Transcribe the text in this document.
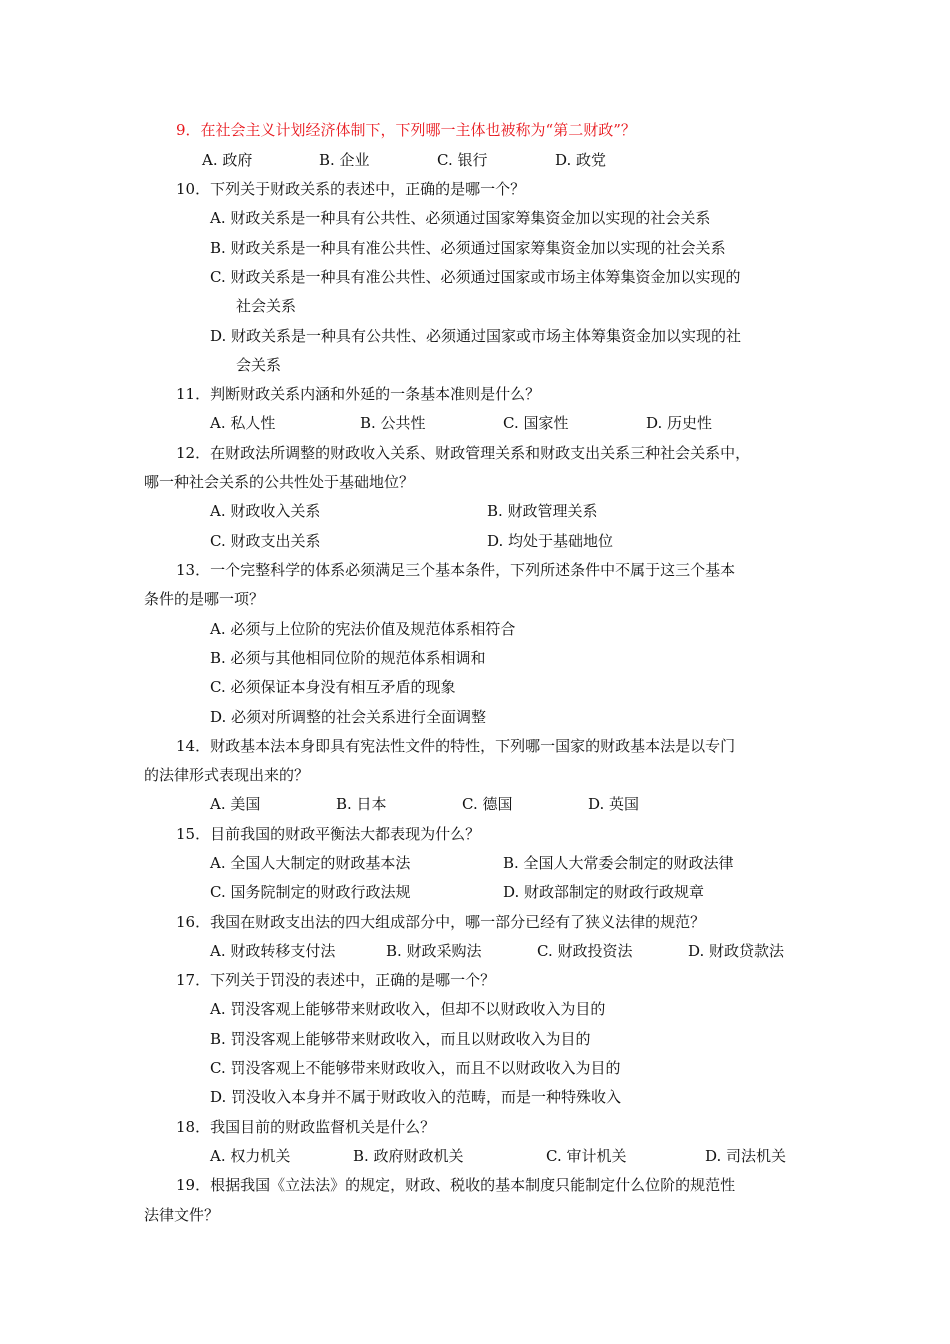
9．在社会主义计划经济体制下，下列哪一主体也被称为“第二财政”？
A. 政府	B. 企业	C. 银行	D. 政党
10．下列关于财政关系的表述中，正确的是哪一个？
A. 财政关系是一种具有公共性、必须通过国家筹集资金加以实现的社会关系
B. 财政关系是一种具有准公共性、必须通过国家筹集资金加以实现的社会关系
C. 财政关系是一种具有准公共性、必须通过国家或市场主体筹集资金加以实现的
社会关系
D. 财政关系是一种具有公共性、必须通过国家或市场主体筹集资金加以实现的社
会关系
11．判断财政关系内涵和外延的一条基本准则是什么？
A. 私人性	B. 公共性	C. 国家性	D. 历史性
12．在财政法所调整的财政收入关系、财政管理关系和财政支出关系三种社会关系中，
哪一种社会关系的公共性处于基础地位？
A. 财政收入关系	B. 财政管理关系
C. 财政支出关系	D. 均处于基础地位
13．一个完整科学的体系必须满足三个基本条件，下列所述条件中不属于这三个基本
条件的是哪一项？
A. 必须与上位阶的宪法价值及规范体系相符合
B. 必须与其他相同位阶的规范体系相调和
C. 必须保证本身没有相互矛盾的现象
D. 必须对所调整的社会关系进行全面调整
14．财政基本法本身即具有宪法性文件的特性，下列哪一国家的财政基本法是以专门
的法律形式表现出来的？
A. 美国	B. 日本	C. 德国	D. 英国
15．目前我国的财政平衡法大都表现为什么？
A. 全国人大制定的财政基本法	B. 全国人大常委会制定的财政法律
C. 国务院制定的财政行政法规	D. 财政部制定的财政行政规章
16．我国在财政支出法的四大组成部分中，哪一部分已经有了狭义法律的规范？
A. 财政转移支付法	B. 财政采购法	C. 财政投资法	D. 财政贷款法
17．下列关于罚没的表述中，正确的是哪一个？
A. 罚没客观上能够带来财政收入，但却不以财政收入为目的
B. 罚没客观上能够带来财政收入，而且以财政收入为目的
C. 罚没客观上不能够带来财政收入，而且不以财政收入为目的
D. 罚没收入本身并不属于财政收入的范畴，而是一种特殊收入
18．我国目前的财政监督机关是什么？
A. 权力机关	B. 政府财政机关	C. 审计机关	D. 司法机关
19．根据我国《立法法》的规定，财政、税收的基本制度只能制定什么位阶的规范性
法律文件？
